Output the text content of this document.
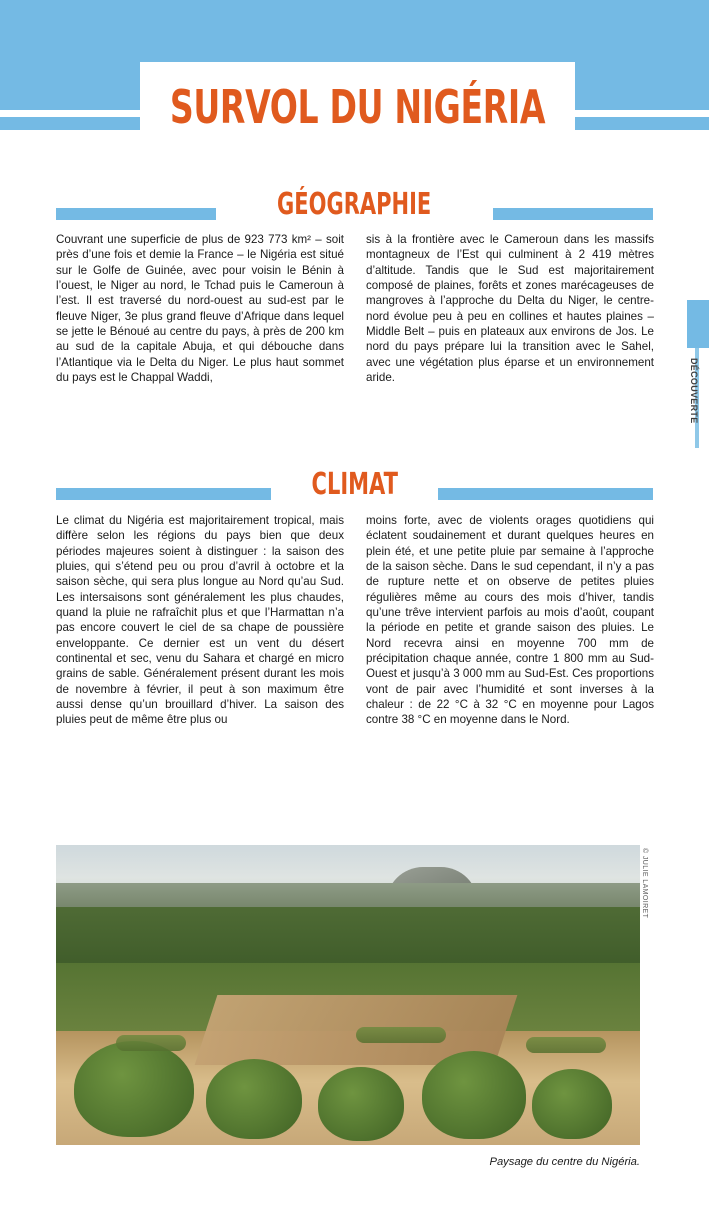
SURVOL DU NIGÉRIA
GÉOGRAPHIE

Couvrant une superficie de plus de 923 773 km² – soit près d’une fois et demie la France – le Nigéria est situé sur le Golfe de Guinée, avec pour voisin le Bénin à l’ouest, le Niger au nord, le Tchad puis le Cameroun à l’est. Il est traversé du nord-ouest au sud-est par le fleuve Niger, 3e plus grand fleuve d’Afrique dans lequel se jette le Bénoué au centre du pays, à près de 200 km au sud de la capitale Abuja, et qui débouche dans l’Atlantique via le Delta du Niger. Le plus haut sommet du pays est le Chappal Waddi,

sis à la frontière avec le Cameroun dans les massifs montagneux de l’Est qui culminent à 2 419 mètres d’altitude. Tandis que le Sud est majoritairement composé de plaines, forêts et zones marécageuses de mangroves à l’approche du Delta du Niger, le centre-nord évolue peu à peu en collines et hautes plaines – Middle Belt – puis en plateaux aux environs de Jos. Le nord du pays prépare lui la transition avec le Sahel, avec une végétation plus éparse et un environnement aride.

CLIMAT

Le climat du Nigéria est majoritairement tropical, mais diffère selon les régions du pays bien que deux périodes majeures soient à distinguer : la saison des pluies, qui s’étend peu ou prou d’avril à octobre et la saison sèche, qui sera plus longue au Nord qu’au Sud. Les intersaisons sont généralement les plus chaudes, quand la pluie ne rafraîchit plus et que l’Harmattan n’a pas encore couvert le ciel de sa chape de poussière enveloppante. Ce dernier est un vent du désert continental et sec, venu du Sahara et chargé en micro grains de sable. Généralement présent durant les mois de novembre à février, il peut à son maximum être aussi dense qu’un brouillard d’hiver. La saison des pluies peut de même être plus ou

moins forte, avec de violents orages quotidiens qui éclatent soudainement et durant quelques heures en plein été, et une petite pluie par semaine à l’approche de la saison sèche. Dans le sud cependant, il n’y a pas de rupture nette et on observe de petites pluies régulières même au cours des mois d’hiver, tandis qu’une trêve intervient parfois au mois d’août, coupant la période en petite et grande saison des pluies. Le Nord recevra ainsi en moyenne 700 mm de précipitation chaque année, contre 1 800 mm au Sud-Ouest et jusqu’à 3 000 mm au Sud-Est. Ces proportions vont de pair avec l’humidité et sont inverses à la chaleur : de 22 °C à 32 °C en moyenne pour Lagos contre 38 °C en moyenne dans le Nord.

© JULIE LAMOIRET
Paysage du centre du Nigéria.
DÉCOUVERTE
